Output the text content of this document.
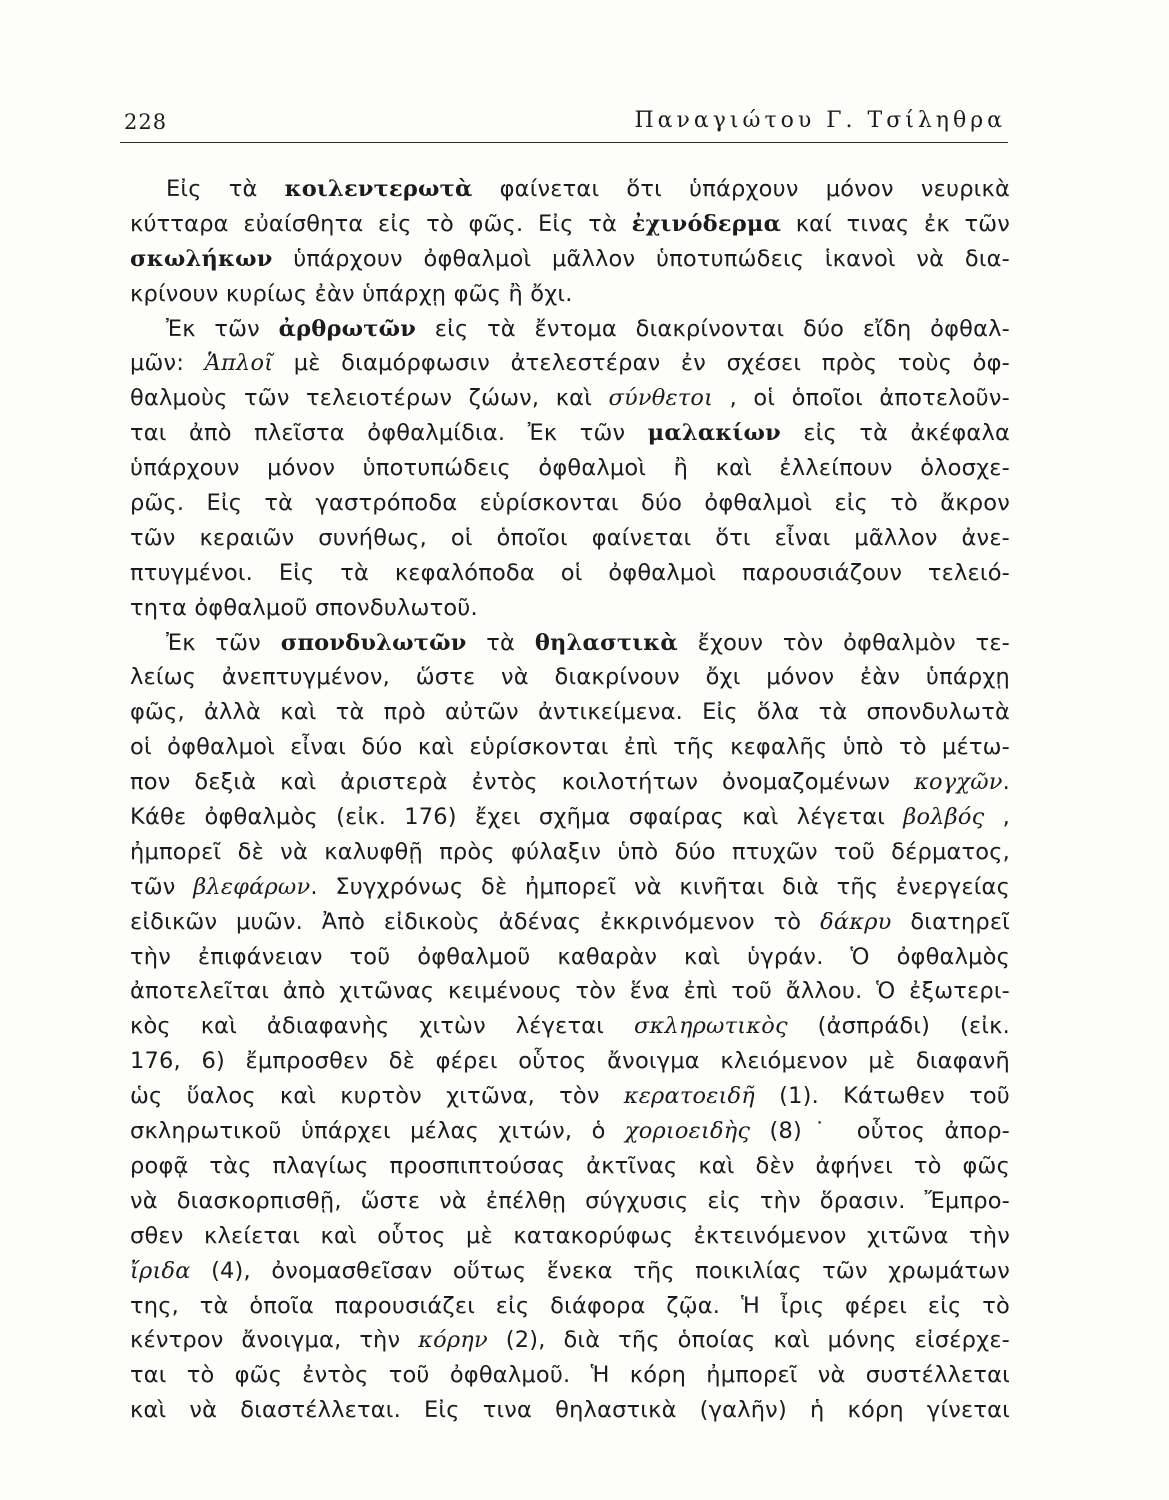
228	Παναγιώτου Γ. Τσίληθρα
Εἰς τὰ κοιλεντερωτὰ φαίνεται ὅτι ὑπάρχουν μόνον νευρικὰ
κύτταρα εὐαίσθητα εἰς τὸ φῶς. Εἰς τὰ ἐχινόδερμα καί τινας ἐκ τῶν
σκωλήκων ὑπάρχουν ὀφθαλμοὶ μᾶλλον ὑποτυπώδεις ἱκανοὶ νὰ δια-
κρίνουν κυρίως ἐὰν ὑπάρχῃ φῶς ἢ ὄχι.
Ἐκ τῶν ἀρθρωτῶν εἰς τὰ ἔντομα διακρίνονται δύο εἴδη ὀφθαλ-
μῶν: Ἁπλοῖ μὲ διαμόρφωσιν ἀτελεστέραν ἐν σχέσει πρὸς τοὺς ὀφ-
θαλμοὺς τῶν τελειοτέρων ζώων, καὶ σύνθετοι , οἱ ὁποῖοι ἀποτελοῦν-
ται ἀπὸ πλεῖστα ὀφθαλμίδια. Ἐκ τῶν μαλακίων εἰς τὰ ἀκέφαλα
ὑπάρχουν μόνον ὑποτυπώδεις ὀφθαλμοὶ ἢ καὶ ἐλλείπουν ὁλοσχε-
ρῶς. Εἰς τὰ γαστρόποδα εὑρίσκονται δύο ὀφθαλμοὶ εἰς τὸ ἄκρον
τῶν κεραιῶν συνήθως, οἱ ὁποῖοι φαίνεται ὅτι εἶναι μᾶλλον ἀνε-
πτυγμένοι. Εἰς τὰ κεφαλόποδα οἱ ὀφθαλμοὶ παρουσιάζουν τελειό-
τητα ὀφθαλμοῦ σπονδυλωτοῦ.
Ἐκ τῶν σπονδυλωτῶν τὰ θηλαστικὰ ἔχουν τὸν ὀφθαλμὸν τε-
λείως ἀνεπτυγμένον, ὥστε νὰ διακρίνουν ὄχι μόνον ἐὰν ὑπάρχῃ
φῶς, ἀλλὰ καὶ τὰ πρὸ αὐτῶν ἀντικείμενα. Εἰς ὅλα τὰ σπονδυλωτὰ
οἱ ὀφθαλμοὶ εἶναι δύο καὶ εὑρίσκονται ἐπὶ τῆς κεφαλῆς ὑπὸ τὸ μέτω-
πον δεξιὰ καὶ ἀριστερὰ ἐντὸς κοιλοτήτων ὀνομαζομένων κογχῶν.
Κάθε ὀφθαλμὸς (εἰκ. 176) ἔχει σχῆμα σφαίρας καὶ λέγεται βολβός ,
ἠμπορεῖ δὲ νὰ καλυφθῇ πρὸς φύλαξιν ὑπὸ δύο πτυχῶν τοῦ δέρματος,
τῶν βλεφάρων. Συγχρόνως δὲ ἠμπορεῖ νὰ κινῆται διὰ τῆς ἐνεργείας
εἰδικῶν μυῶν. Ἀπὸ εἰδικοὺς ἀδένας ἐκκρινόμενον τὸ δάκρυ διατηρεῖ
τὴν ἐπιφάνειαν τοῦ ὀφθαλμοῦ καθαρὰν καὶ ὑγράν. Ὁ ὀφθαλμὸς
ἀποτελεῖται ἀπὸ χιτῶνας κειμένους τὸν ἕνα ἐπὶ τοῦ ἄλλου. Ὁ ἐξωτερι-
κὸς καὶ ἀδιαφανὴς χιτὼν λέγεται σκληρωτικὸς (ἀσπράδι) (εἰκ.
176, 6) ἔμπροσθεν δὲ φέρει οὗτος ἄνοιγμα κλειόμενον μὲ διαφανῆ
ὡς ὕαλος καὶ κυρτὸν χιτῶνα, τὸν κερατοειδῆ (1). Κάτωθεν τοῦ
σκληρωτικοῦ ὑπάρχει μέλας χιτών, ὁ χοριοειδὴς (8)˙ οὗτος ἀπορ-
ροφᾷ τὰς πλαγίως προσπιπτούσας ἀκτῖνας καὶ δὲν ἀφήνει τὸ φῶς
νὰ διασκορπισθῇ, ὥστε νὰ ἐπέλθῃ σύγχυσις εἰς τὴν ὅρασιν. Ἔμπρο-
σθεν κλείεται καὶ οὗτος μὲ κατακορύφως ἐκτεινόμενον χιτῶνα τὴν
ἴριδα (4), ὀνομασθεῖσαν οὕτως ἕνεκα τῆς ποικιλίας τῶν χρωμάτων
της, τὰ ὁποῖα παρουσιάζει εἰς διάφορα ζῷα. Ἡ ἶρις φέρει εἰς τὸ
κέντρον ἄνοιγμα, τὴν κόρην (2), διὰ τῆς ὁποίας καὶ μόνης εἰσέρχε-
ται τὸ φῶς ἐντὸς τοῦ ὀφθαλμοῦ. Ἡ κόρη ἠμπορεῖ νὰ συστέλλεται
καὶ νὰ διαστέλλεται. Εἰς τινα θηλαστικὰ (γαλῆν) ἡ κόρη γίνεται
